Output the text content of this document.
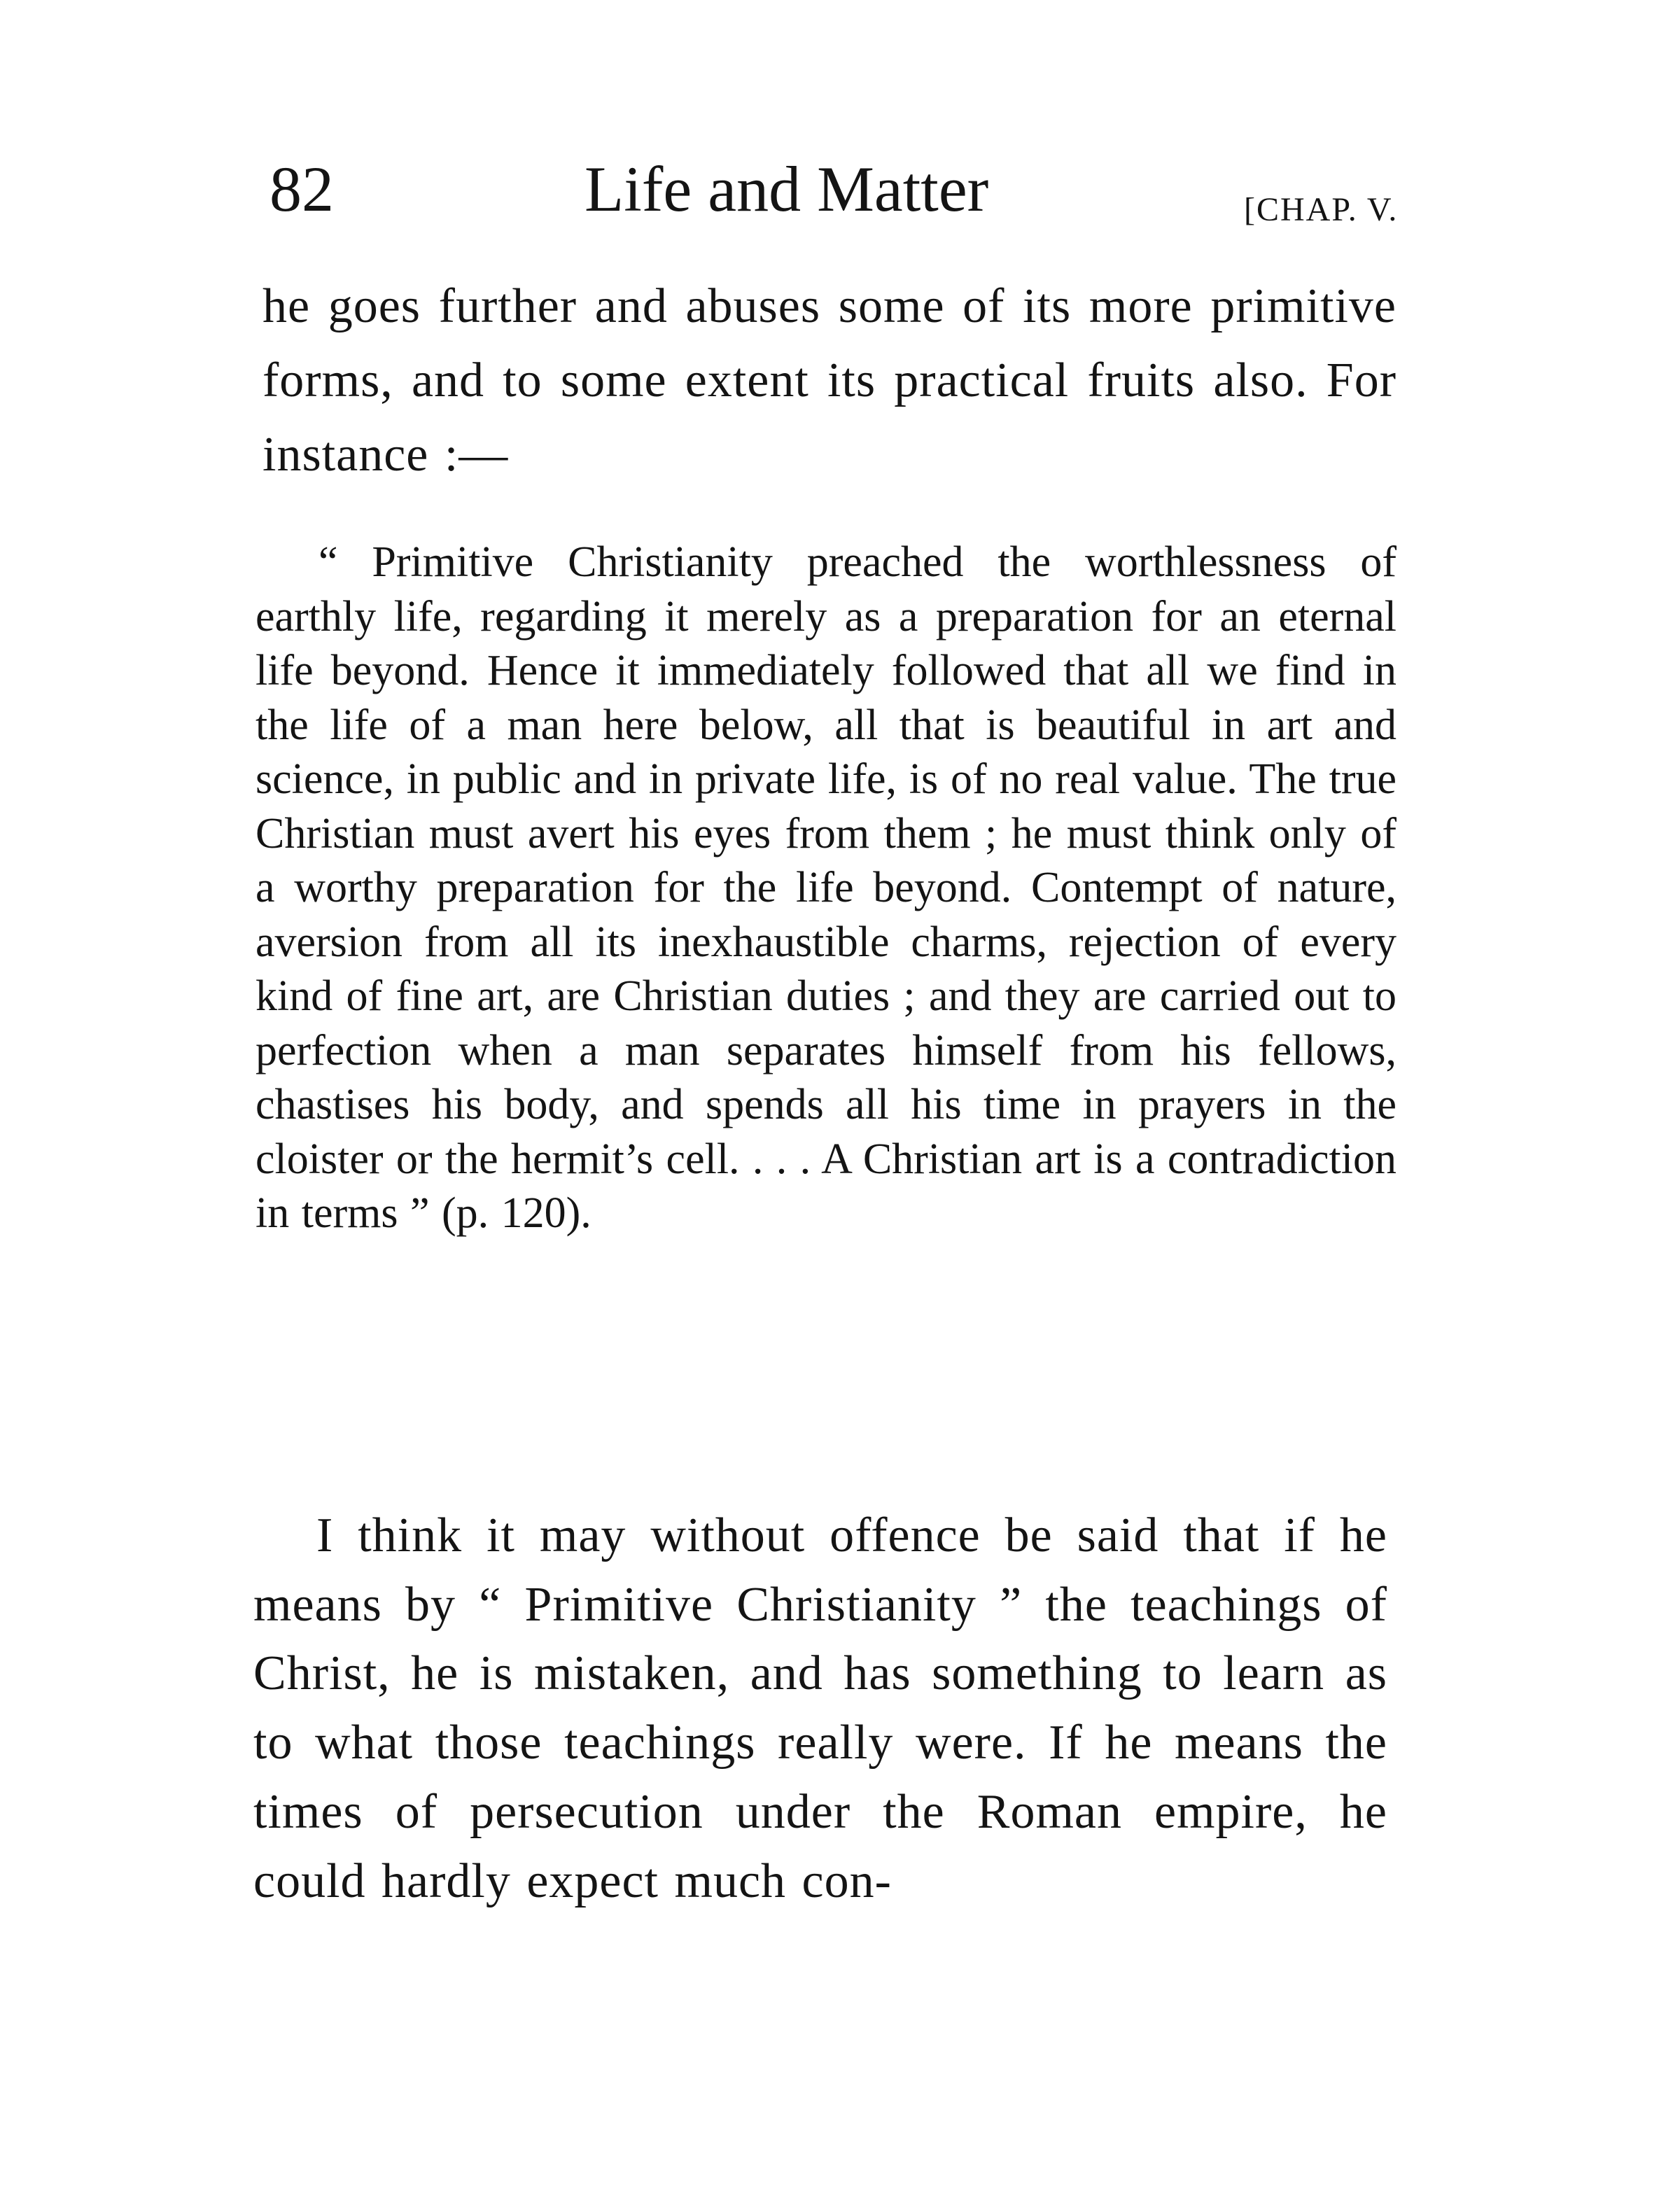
82	Life and Matter	[CHAP. V.

he goes further and abuses some of its more primitive forms, and to some extent its practical fruits also. For instance :—

“ Primitive Christianity preached the worthlessness of earthly life, regarding it merely as a preparation for an eternal life beyond. Hence it immediately followed that all we find in the life of a man here below, all that is beautiful in art and science, in public and in private life, is of no real value. The true Christian must avert his eyes from them ; he must think only of a worthy preparation for the life beyond. Contempt of nature, aversion from all its inexhaustible charms, rejection of every kind of fine art, are Christian duties ; and they are carried out to perfection when a man separates himself from his fellows, chastises his body, and spends all his time in prayers in the cloister or the hermit’s cell. . . . A Christian art is a contradiction in terms ” (p. 120).

I think it may without offence be said that if he means by “ Primitive Christianity ” the teachings of Christ, he is mistaken, and has something to learn as to what those teachings really were. If he means the times of persecution under the Roman empire, he could hardly expect much con-
